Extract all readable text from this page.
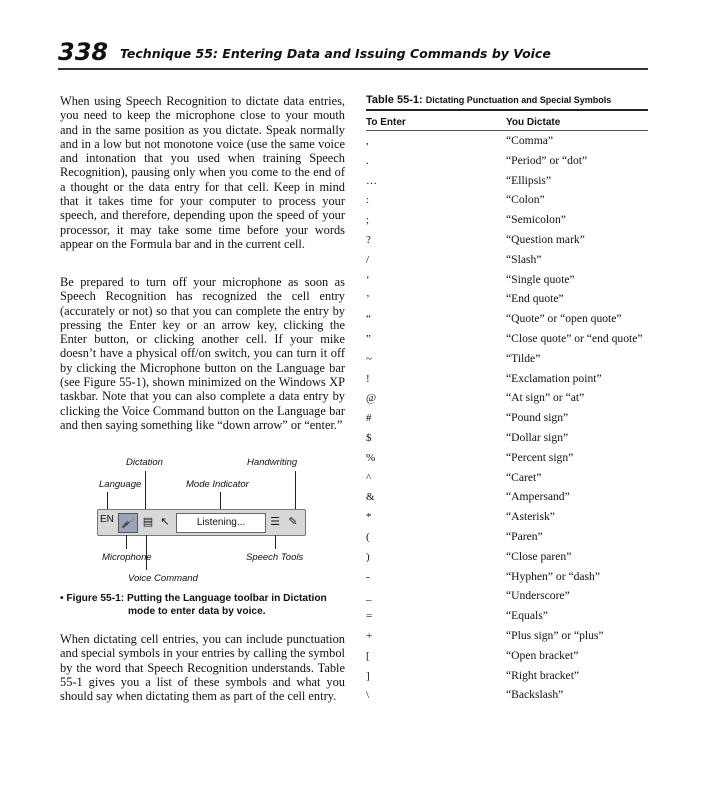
338 Technique 55: Entering Data and Issuing Commands by Voice

When using Speech Recognition to dictate data entries, you need to keep the microphone close to your mouth and in the same position as you dictate. Speak normally and in a low but not monotone voice (use the same voice and intonation that you used when training Speech Recognition), pausing only when you come to the end of a thought or the data entry for that cell. Keep in mind that it takes time for your computer to process your speech, and therefore, depending upon the speed of your processor, it may take some time before your words appear on the Formula bar and in the current cell.

Be prepared to turn off your microphone as soon as Speech Recognition has recognized the cell entry (accurately or not) so that you can complete the entry by pressing the Enter key or an arrow key, clicking the Enter button, or clicking another cell. If your mike doesn’t have a physical off/on switch, you can turn it off by clicking the Microphone button on the Language bar (see Figure 55-1), shown minimized on the Windows XP taskbar. Note that you can also complete a data entry by clicking the Voice Command button on the Language bar and then saying something like “down arrow” or “enter.”

Dictation	Handwriting
Language	Mode Indicator
EN 🎤 ▤ ↖	Listening...	☰ ✎
Microphone	Speech Tools
Voice Command
• Figure 55-1: Putting the Language toolbar in Dictation
mode to enter data by voice.

When dictating cell entries, you can include punctuation and special symbols in your entries by calling the symbol by the word that Speech Recognition understands. Table 55-1 gives you a list of these symbols and what you should say when dictating them as part of the cell entry.

Table 55-1: Dictating Punctuation and Special Symbols
To Enter	You Dictate
,	“Comma”
.	“Period” or “dot”
…	“Ellipsis”
:	“Colon”
;	“Semicolon”
?	“Question mark”
/	“Slash”
‘	“Single quote”
’	“End quote”
“	“Quote” or “open quote”
”	“Close quote” or “end quote”
~	“Tilde”
!	“Exclamation point”
@	“At sign” or “at”
#	“Pound sign”
$	“Dollar sign”
%	“Percent sign”
^	“Caret”
&	“Ampersand”
*	“Asterisk”
(	“Paren”
)	“Close paren”
-	“Hyphen” or “dash”
_	“Underscore”
=	“Equals”
+	“Plus sign” or “plus”
[	“Open bracket”
]	“Right bracket”
\	“Backslash”
